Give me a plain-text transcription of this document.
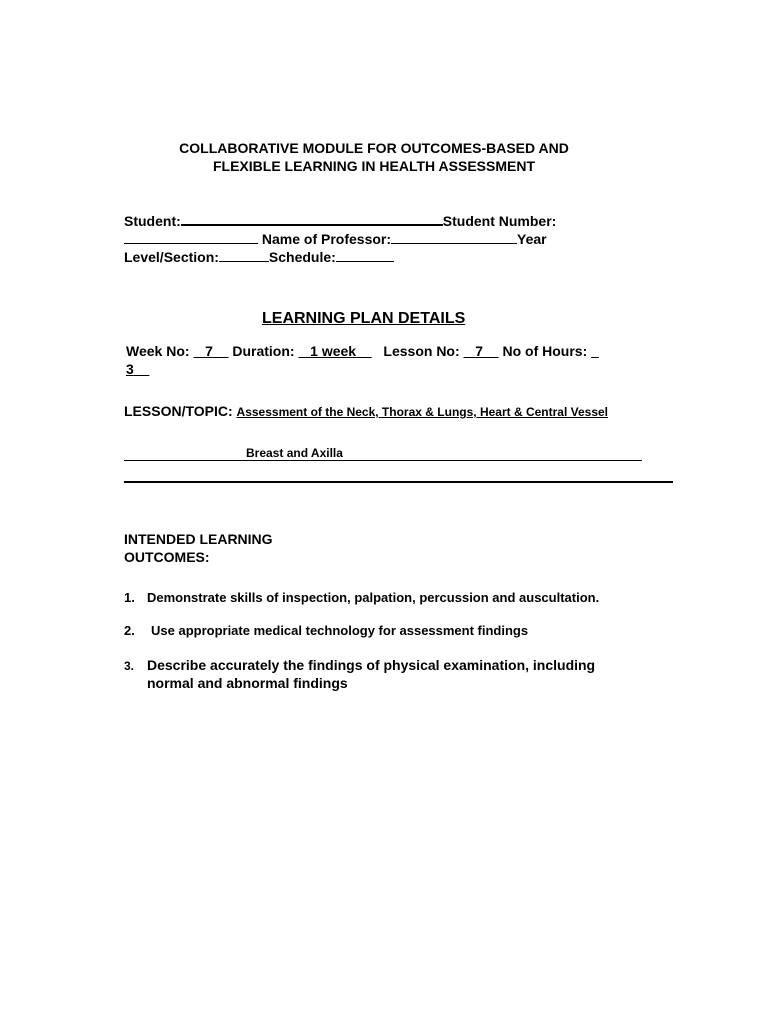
COLLABORATIVE MODULE FOR OUTCOMES-BASED AND
FLEXIBLE LEARNING IN HEALTH ASSESSMENT
Student:	Student Number:
Name of Professor:	Year
Level/Section:	Schedule:
LEARNING PLAN DETAILS
Week No: 7 Duration: 1 week Lesson No: 7 No of Hours:
3
LESSON/TOPIC: Assessment of the Neck, Thorax & Lungs, Heart & Central Vessel
Breast and Axilla
INTENDED LEARNING
OUTCOMES:
1. Demonstrate skills of inspection, palpation, percussion and auscultation.
2. Use appropriate medical technology for assessment findings
3. Describe accurately the findings of physical examination, including
normal and abnormal findings
